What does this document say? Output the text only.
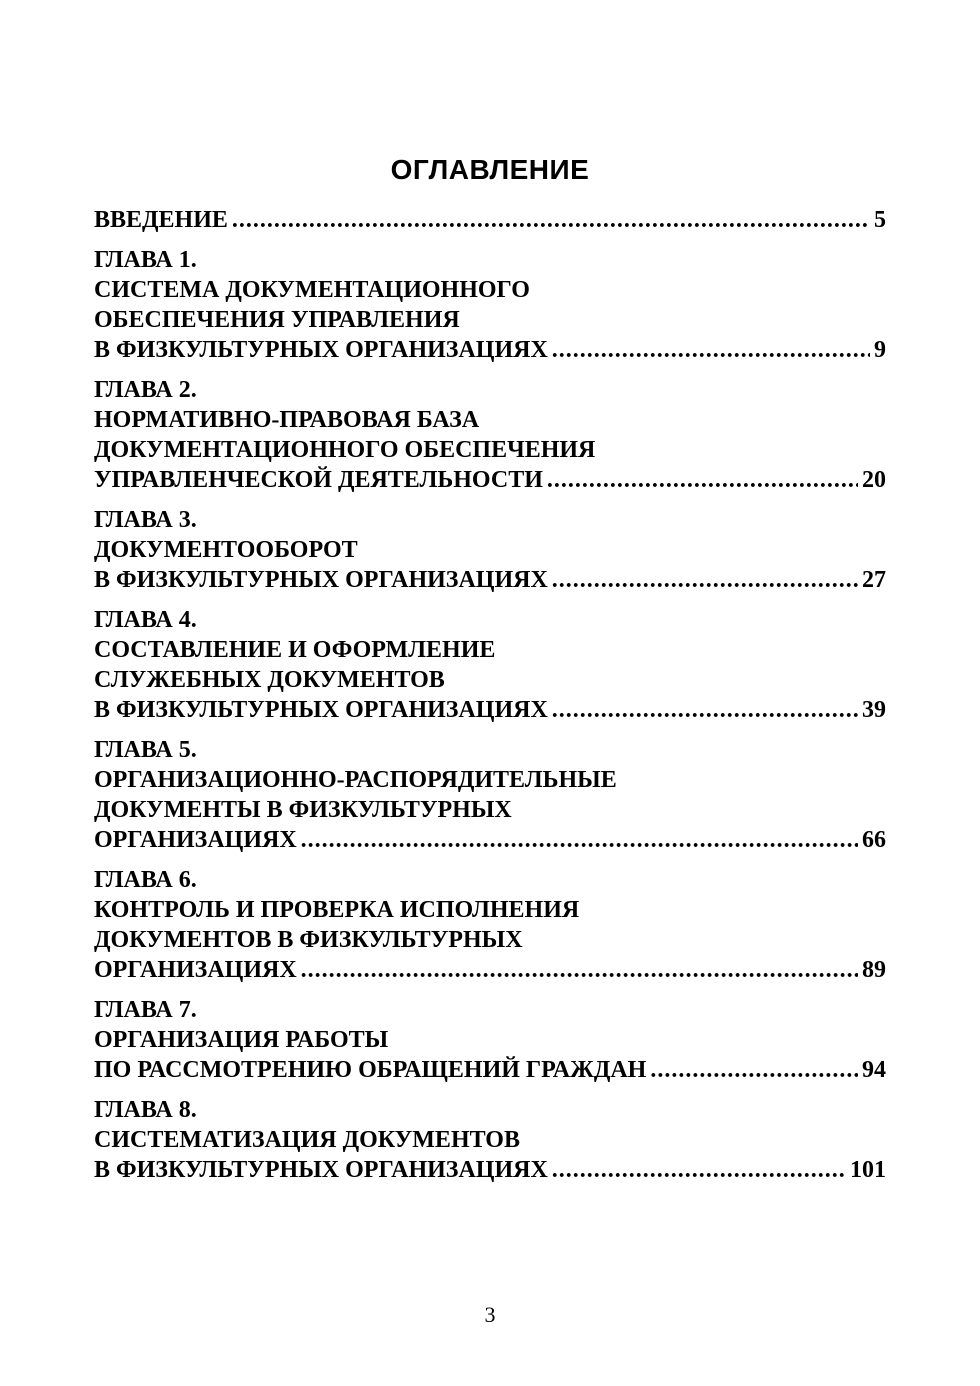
ОГЛАВЛЕНИЕ
ВВЕДЕНИЕ .....	5
ГЛАВА 1.
СИСТЕМА ДОКУМЕНТАЦИОННОГО
ОБЕСПЕЧЕНИЯ УПРАВЛЕНИЯ
В ФИЗКУЛЬТУРНЫХ ОРГАНИЗАЦИЯХ .....	9
ГЛАВА 2.
НОРМАТИВНО-ПРАВОВАЯ БАЗА
ДОКУМЕНТАЦИОННОГО ОБЕСПЕЧЕНИЯ
УПРАВЛЕНЧЕСКОЙ ДЕЯТЕЛЬНОСТИ .....	20
ГЛАВА 3.
ДОКУМЕНТООБОРОТ
В ФИЗКУЛЬТУРНЫХ ОРГАНИЗАЦИЯХ .....	27
ГЛАВА 4.
СОСТАВЛЕНИЕ И ОФОРМЛЕНИЕ
СЛУЖЕБНЫХ ДОКУМЕНТОВ
В ФИЗКУЛЬТУРНЫХ ОРГАНИЗАЦИЯХ .....	39
ГЛАВА 5.
ОРГАНИЗАЦИОННО-РАСПОРЯДИТЕЛЬНЫЕ
ДОКУМЕНТЫ В ФИЗКУЛЬТУРНЫХ
ОРГАНИЗАЦИЯХ .....	66
ГЛАВА 6.
КОНТРОЛЬ И ПРОВЕРКА ИСПОЛНЕНИЯ
ДОКУМЕНТОВ В ФИЗКУЛЬТУРНЫХ
ОРГАНИЗАЦИЯХ .....	89
ГЛАВА 7.
ОРГАНИЗАЦИЯ РАБОТЫ
ПО РАССМОТРЕНИЮ ОБРАЩЕНИЙ ГРАЖДАН .....	94
ГЛАВА 8.
СИСТЕМАТИЗАЦИЯ ДОКУМЕНТОВ
В ФИЗКУЛЬТУРНЫХ ОРГАНИЗАЦИЯХ .....	101
3
